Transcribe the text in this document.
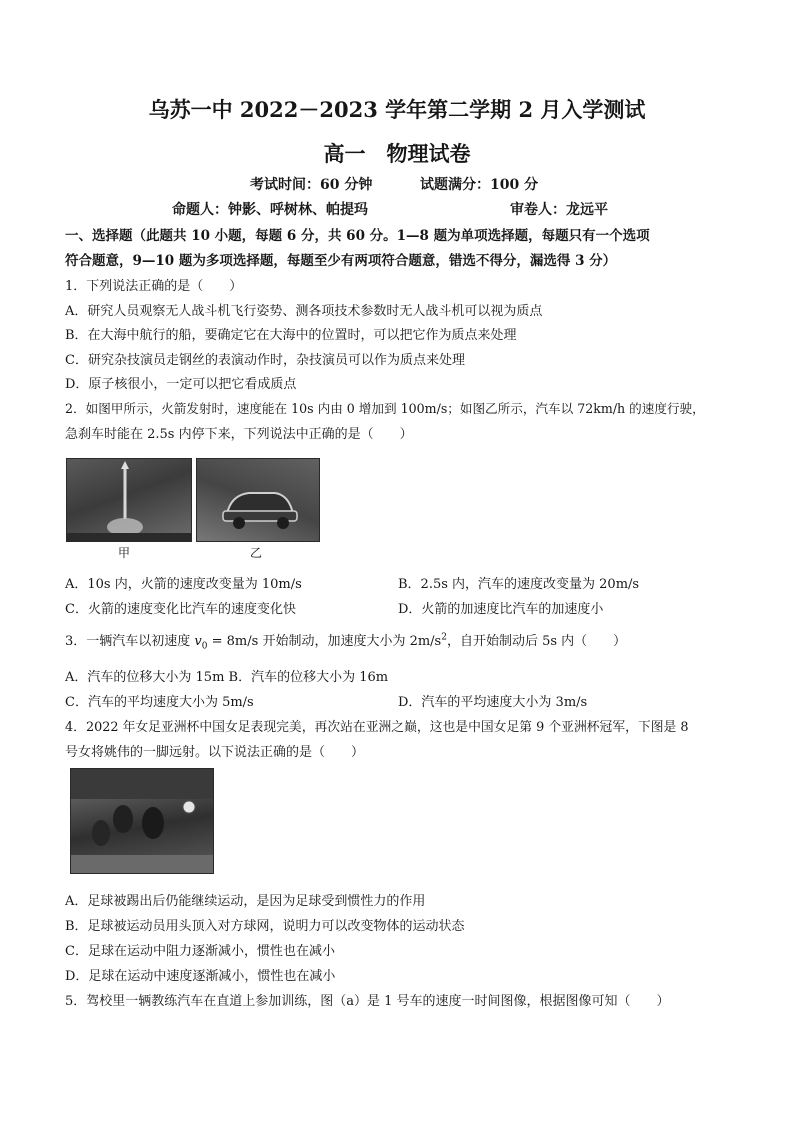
乌苏一中 2022－2023 学年第二学期 2 月入学测试
高一　物理试卷
考试时间：60 分钟	试题满分：100 分
命题人：钟影、呼树林、帕提玛	审卷人：龙远平
一、选择题（此题共 10 小题，每题 6 分，共 60 分。1—8 题为单项选择题，每题只有一个选项
符合题意，9—10 题为多项选择题，每题至少有两项符合题意，错选不得分，漏选得 3 分）
1．下列说法正确的是（　　）
A．研究人员观察无人战斗机飞行姿势、测各项技术参数时无人战斗机可以视为质点
B．在大海中航行的船，要确定它在大海中的位置时，可以把它作为质点来处理
C．研究杂技演员走钢丝的表演动作时，杂技演员可以作为质点来处理
D．原子核很小，一定可以把它看成质点
2．如图甲所示，火箭发射时，速度能在 10s 内由 0 增加到 100m/s；如图乙所示，汽车以 72km/h 的速度行驶，
急刹车时能在 2.5s 内停下来，下列说法中正确的是（　　）
甲	乙
A．10s 内，火箭的速度改变量为 10m/s	B．2.5s 内，汽车的速度改变量为 20m/s
C．火箭的速度变化比汽车的速度变化快	D．火箭的加速度比汽车的加速度小
3．一辆汽车以初速度 $v_0 = 8m/s$ 开始制动，加速度大小为 $2m/s^2$，自开始制动后 5s 内（　　）
A．汽车的位移大小为 15m B．汽车的位移大小为 16m
C．汽车的平均速度大小为 5m/s	D．汽车的平均速度大小为 3m/s
4．2022 年女足亚洲杯中国女足表现完美，再次站在亚洲之巅，这也是中国女足第 9 个亚洲杯冠军，下图是 8
号女将姚伟的一脚远射。以下说法正确的是（　　）
A．足球被踢出后仍能继续运动，是因为足球受到惯性力的作用
B．足球被运动员用头顶入对方球网，说明力可以改变物体的运动状态
C．足球在运动中阻力逐渐减小，惯性也在减小
D．足球在运动中速度逐渐减小，惯性也在减小
5．驾校里一辆教练汽车在直道上参加训练，图（a）是 1 号车的速度一时间图像，根据图像可知（　　）
